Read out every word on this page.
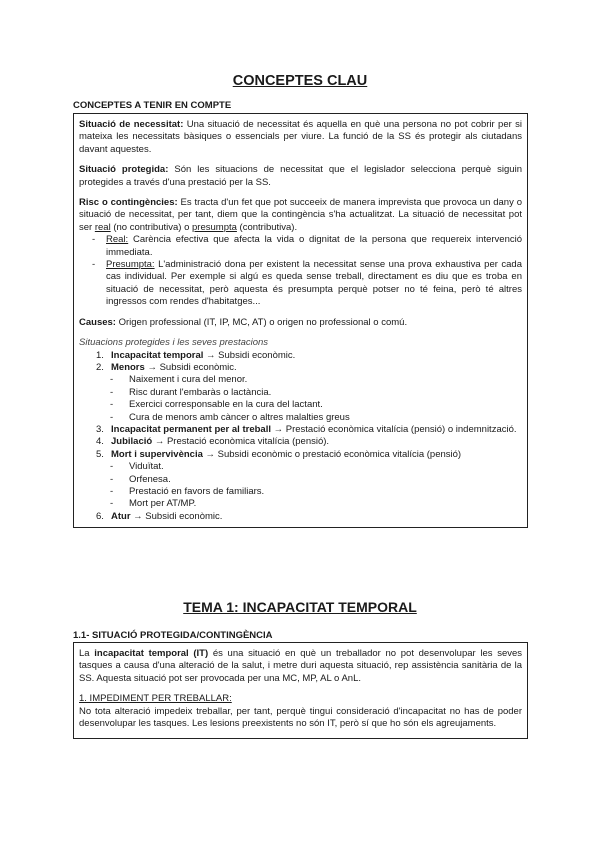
CONCEPTES CLAU
CONCEPTES A TENIR EN COMPTE

Situació de necessitat: Una situació de necessitat és aquella en què una persona no pot cobrir per si mateixa les necessitats bàsiques o essencials per viure. La funció de la SS és protegir als ciutadans davant aquestes.

Situació protegida: Són les situacions de necessitat que el legislador selecciona perquè siguin protegides a través d'una prestació per la SS.

Risc o contingències: Es tracta d'un fet que pot succeeix de manera imprevista que provoca un dany o situació de necessitat, per tant, diem que la contingència s'ha actualitzat. La situació de necessitat pot ser real (no contributiva) o presumpta (contributiva).

- Real: Carència efectiva que afecta la vida o dignitat de la persona que requereix intervenció immediata.
- Presumpta: L'administració dona per existent la necessitat sense una prova exhaustiva per cada cas individual. Per exemple si algú es queda sense treball, directament es diu que es troba en situació de necessitat, però aquesta és presumpta perquè potser no té feina, però té altres ingressos com rendes d'habitatges...

Causes: Origen professional (IT, IP, MC, AT) o origen no professional o comú.

Situacions protegides i les seves prestacions

1. Incapacitat temporal → Subsidi econòmic.
2. Menors → Subsidi econòmic.
- Naixement i cura del menor.
- Risc durant l'embaràs o lactància.
- Exercici corresponsable en la cura del lactant.
- Cura de menors amb càncer o altres malalties greus
3. Incapacitat permanent per al treball → Prestació econòmica vitalícia (pensió) o indemnització.
4. Jubilació → Prestació econòmica vitalícia (pensió).
5. Mort i supervivència → Subsidi econòmic o prestació econòmica vitalícia (pensió)
- Viduïtat.
- Orfenesa.
- Prestació en favors de familiars.
- Mort per AT/MP.
6. Atur → Subsidi econòmic.
TEMA 1: INCAPACITAT TEMPORAL
1.1- SITUACIÓ PROTEGIDA/CONTINGÈNCIA

La incapacitat temporal (IT) és una situació en què un treballador no pot desenvolupar les seves tasques a causa d'una alteració de la salut, i metre duri aquesta situació, rep assistència sanitària de la SS. Aquesta situació pot ser provocada per una MC, MP, AL o AnL.

1. IMPEDIMENT PER TREBALLAR:

No tota alteració impedeix treballar, per tant, perquè tingui consideració d'incapacitat no has de poder desenvolupar les tasques. Les lesions preexistents no són IT, però sí que ho són els agreujaments.
